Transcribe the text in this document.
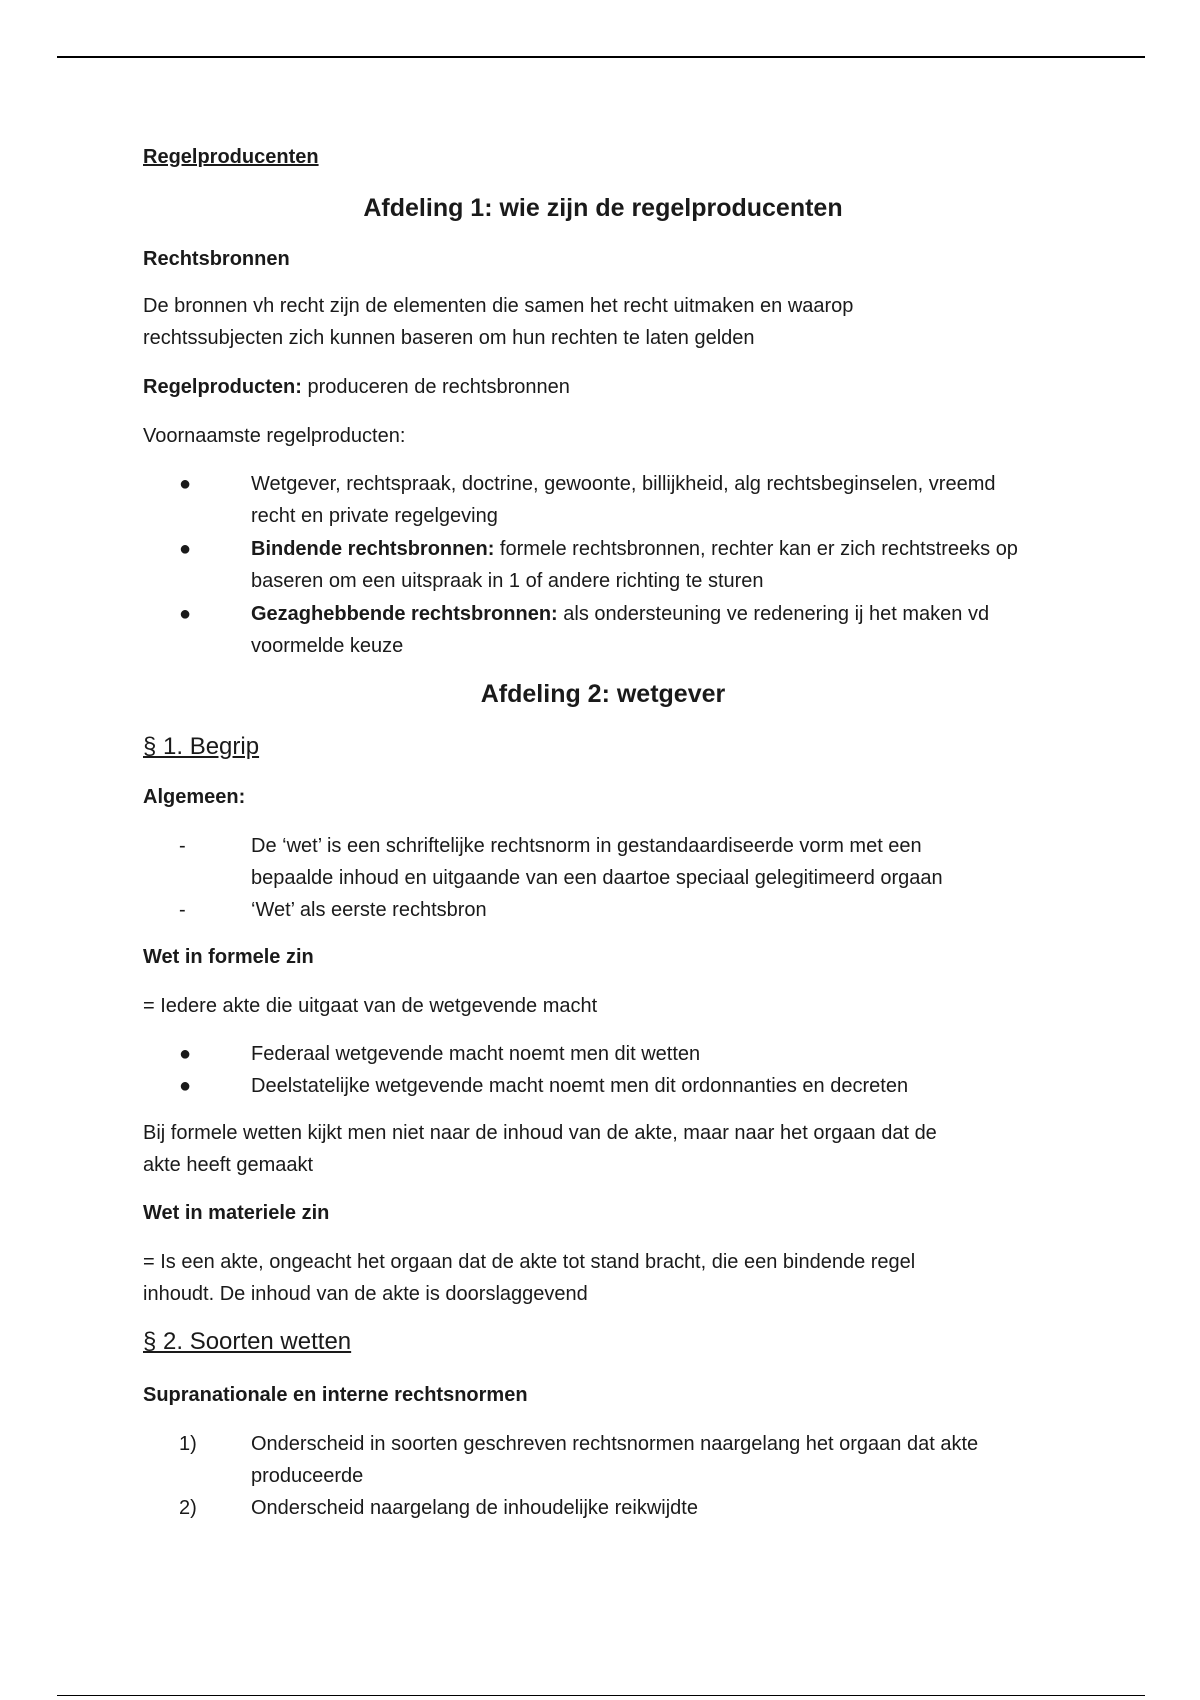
Regelproducenten
Afdeling 1: wie zijn de regelproducenten
Rechtsbronnen
De bronnen vh recht zijn de elementen die samen het recht uitmaken en waarop
rechtssubjecten zich kunnen baseren om hun rechten te laten gelden
Regelproducten: produceren de rechtsbronnen
Voornaamste regelproducten:
●	Wetgever, rechtspraak, doctrine, gewoonte, billijkheid, alg rechtsbeginselen, vreemd
recht en private regelgeving
●	Bindende rechtsbronnen: formele rechtsbronnen, rechter kan er zich rechtstreeks op
baseren om een uitspraak in 1 of andere richting te sturen
●	Gezaghebbende rechtsbronnen: als ondersteuning ve redenering ij het maken vd
voormelde keuze
Afdeling 2: wetgever
§ 1. Begrip
Algemeen:
-	De ‘wet’ is een schriftelijke rechtsnorm in gestandaardiseerde vorm met een
bepaalde inhoud en uitgaande van een daartoe speciaal gelegitimeerd orgaan
-	‘Wet’ als eerste rechtsbron
Wet in formele zin
= Iedere akte die uitgaat van de wetgevende macht
●	Federaal wetgevende macht noemt men dit wetten
●	Deelstatelijke wetgevende macht noemt men dit ordonnanties en decreten
Bij formele wetten kijkt men niet naar de inhoud van de akte, maar naar het orgaan dat de
akte heeft gemaakt
Wet in materiele zin
= Is een akte, ongeacht het orgaan dat de akte tot stand bracht, die een bindende regel
inhoudt. De inhoud van de akte is doorslaggevend
§ 2. Soorten wetten
Supranationale en interne rechtsnormen
1)	Onderscheid in soorten geschreven rechtsnormen naargelang het orgaan dat akte
produceerde
2)	Onderscheid naargelang de inhoudelijke reikwijdte
